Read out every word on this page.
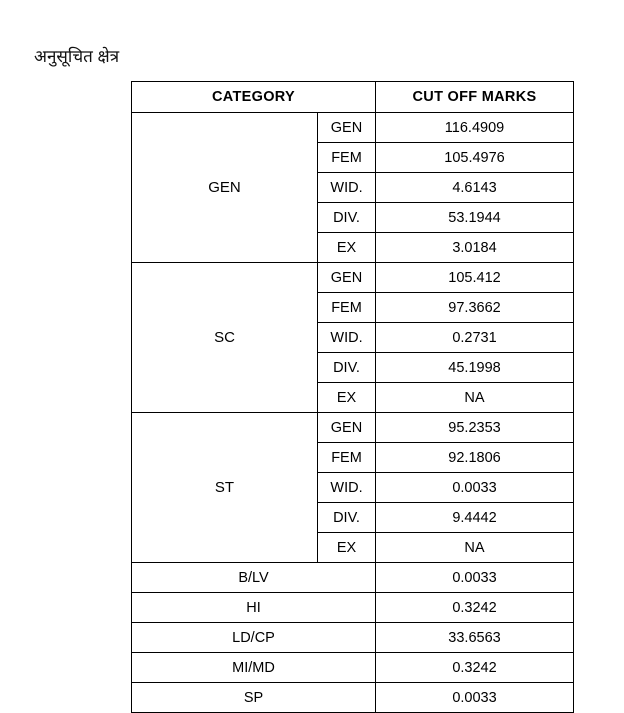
अनुसूचित क्षेत्र
CATEGORY		CUT OFF MARKS
GEN	GEN	116.4909
	FEM	105.4976
	WID.	4.6143
	DIV.	53.1944
	EX	3.0184
SC	GEN	105.412
	FEM	97.3662
	WID.	0.2731
	DIV.	45.1998
	EX	NA
ST	GEN	95.2353
	FEM	92.1806
	WID.	0.0033
	DIV.	9.4442
	EX	NA
B/LV		0.0033
HI		0.3242
LD/CP		33.6563
MI/MD		0.3242
SP		0.0033
